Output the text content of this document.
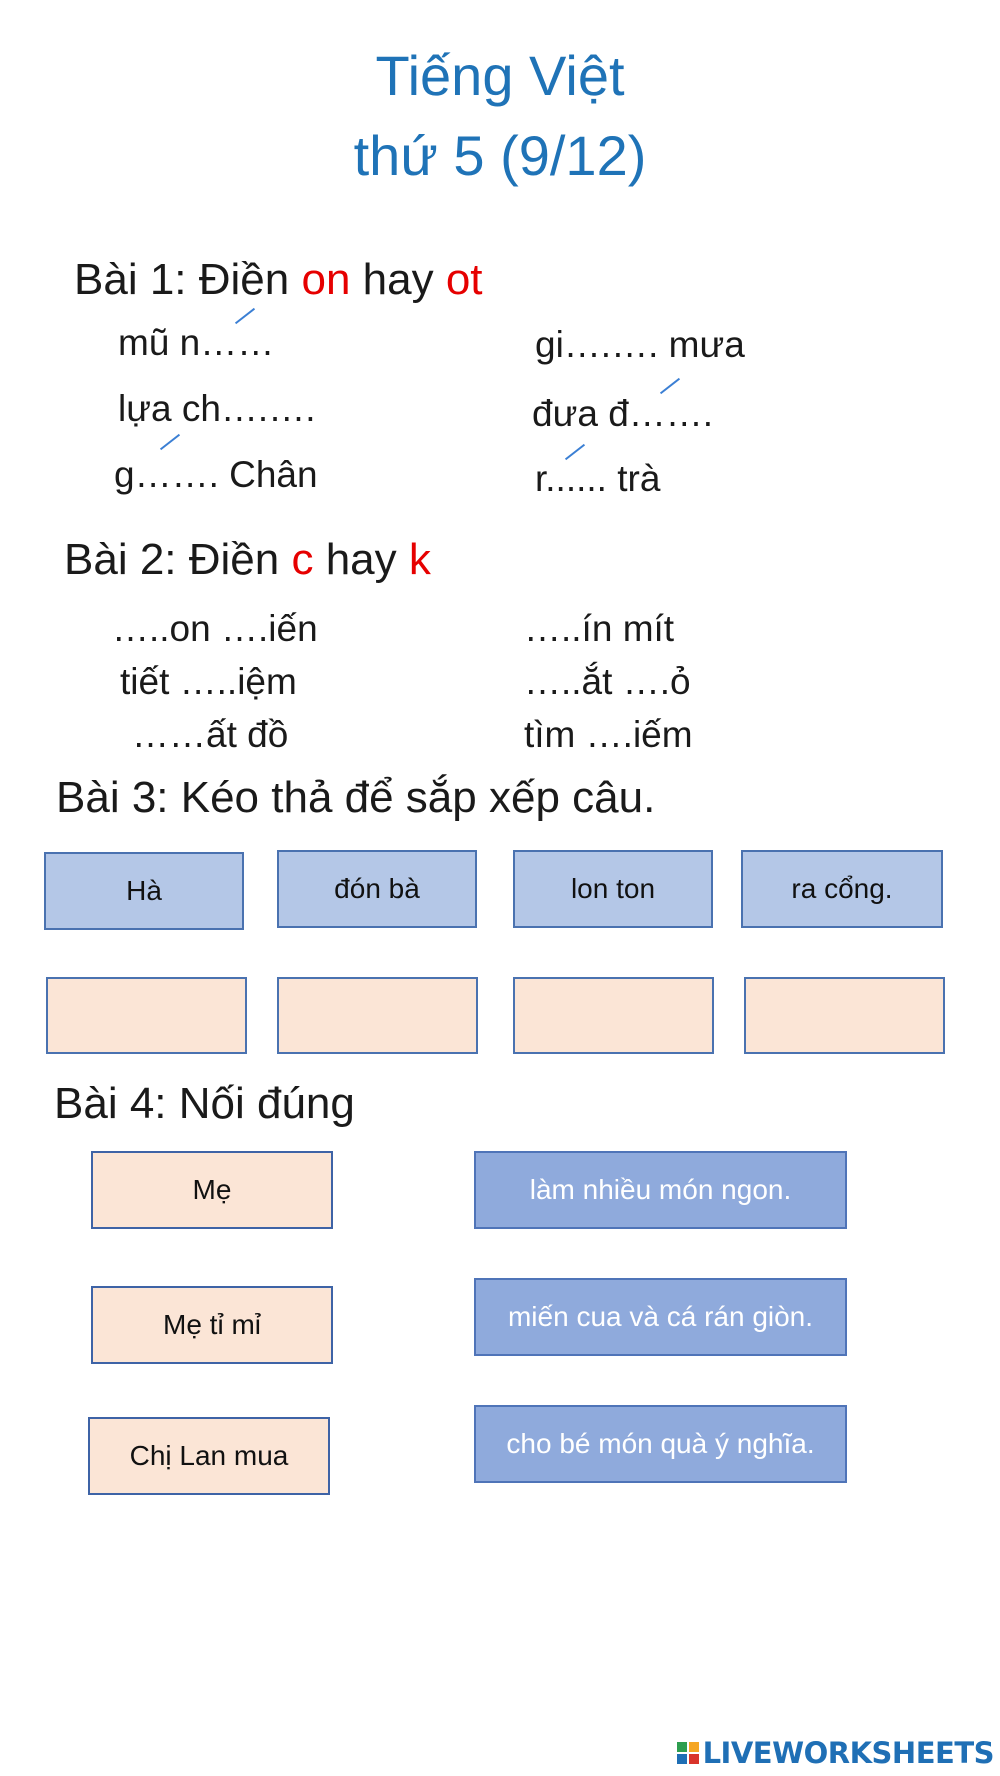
Tiếng Việt
thứ 5 (9/12)
Bài 1: Điền on hay ot
mũ n……	gi….…. mưa
lựa ch….….	đưa đ…….
g……. Chân	r...... trà
Bài 2: Điền c hay k
…..on ….iến	…..ín mít
tiết …..iệm	…..ắt ….ỏ
……ất đồ	tìm ….iếm
Bài 3: Kéo thả để sắp xếp câu.
Hà	đón bà	lon ton	ra cổng.
Bài 4: Nối đúng
Mẹ
Mẹ tỉ mỉ
Chị Lan mua
làm nhiều món ngon.
miến cua và cá rán giòn.
cho bé món quà ý nghĩa.
LIVEWORKSHEETS
